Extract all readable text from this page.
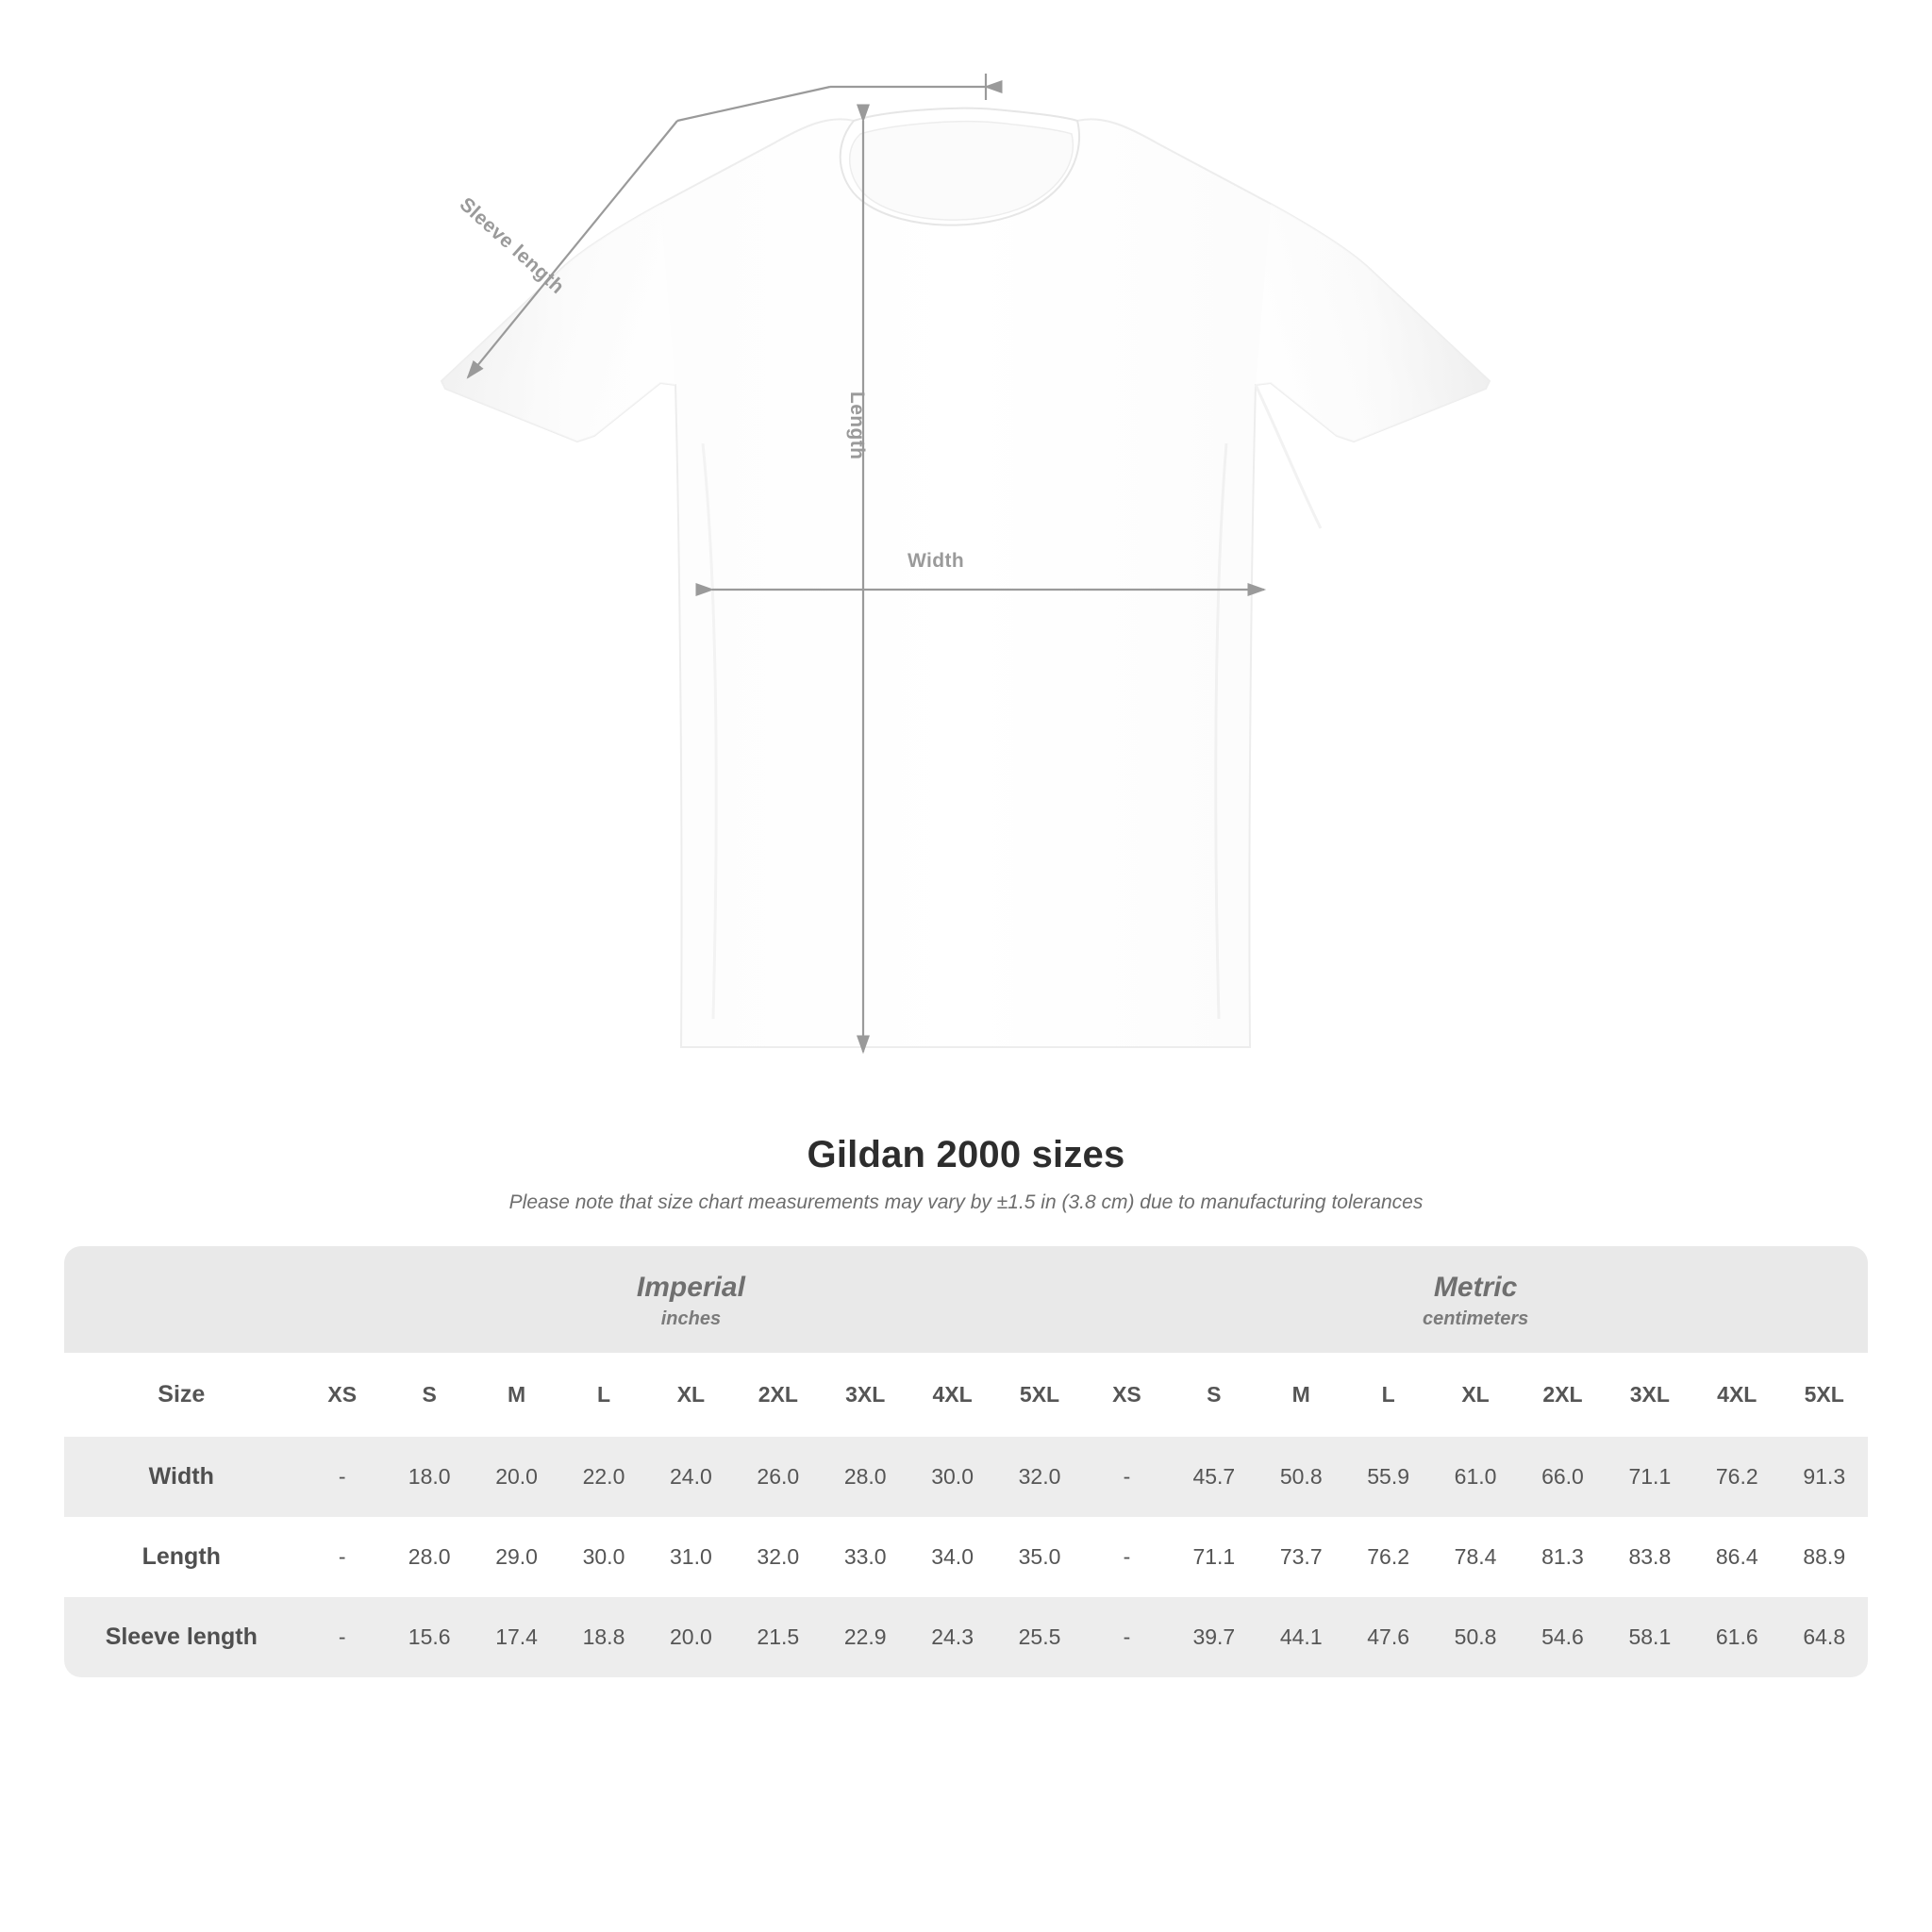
Sleeve length
Length
Width
Gildan 2000 sizes

Please note that size chart measurements may vary by ±1.5 in (3.8 cm) due to manufacturing tolerances

	Imperial
inches									Metric
centimeters								

Size	XS	S	M	L	XL	2XL	3XL	4XL	5XL	XS	S	M	L	XL	2XL	3XL	4XL	5XL
Width	-	18.0	20.0	22.0	24.0	26.0	28.0	30.0	32.0	-	45.7	50.8	55.9	61.0	66.0	71.1	76.2	91.3
Length	-	28.0	29.0	30.0	31.0	32.0	33.0	34.0	35.0	-	71.1	73.7	76.2	78.4	81.3	83.8	86.4	88.9
Sleeve length	-	15.6	17.4	18.8	20.0	21.5	22.9	24.3	25.5	-	39.7	44.1	47.6	50.8	54.6	58.1	61.6	64.8
